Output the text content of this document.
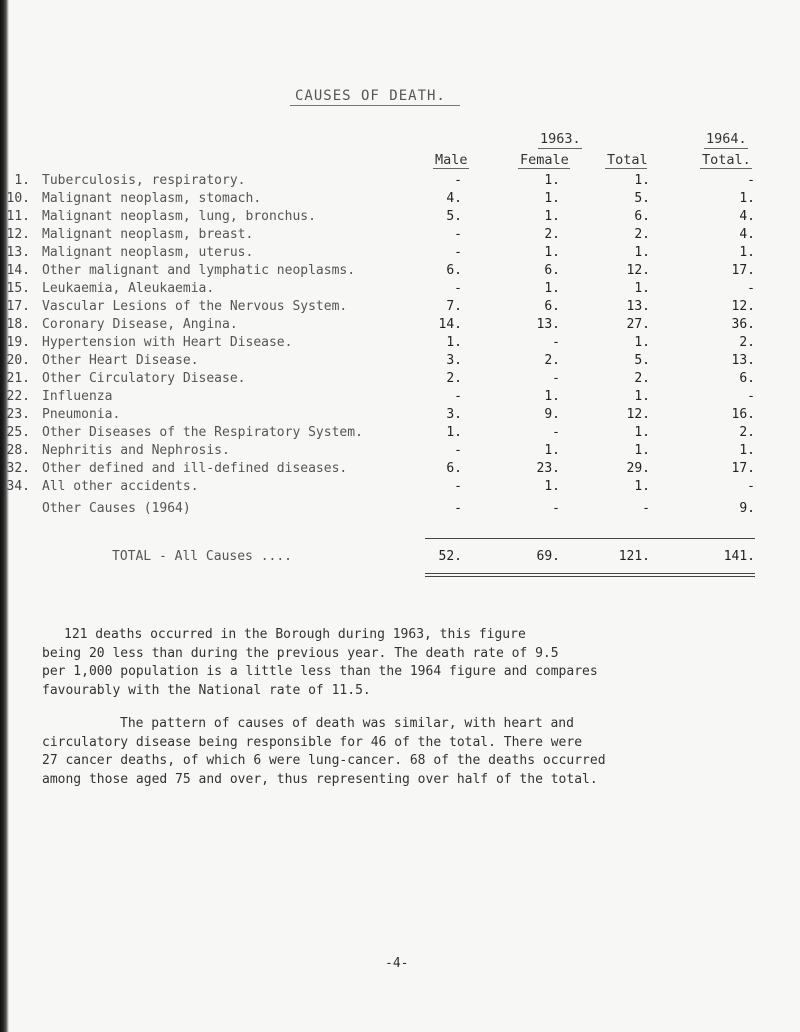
CAUSES OF DEATH.
1963.	1964.
Male	Female	Total	Total.
1. Tuberculosis, respiratory.	-	1.	1.	-
10. Malignant neoplasm, stomach.	4.	1.	5.	1.
11. Malignant neoplasm, lung, bronchus.	5.	1.	6.	4.
12. Malignant neoplasm, breast.	-	2.	2.	4.
13. Malignant neoplasm, uterus.	-	1.	1.	1.
14. Other malignant and lymphatic neoplasms.	6.	6.	12.	17.
15. Leukaemia, Aleukaemia.	-	1.	1.	-
17. Vascular Lesions of the Nervous System.	7.	6.	13.	12.
18. Coronary Disease, Angina.	14.	13.	27.	36.
19. Hypertension with Heart Disease.	1.	-	1.	2.
20. Other Heart Disease.	3.	2.	5.	13.
21. Other Circulatory Disease.	2.	-	2.	6.
22. Influenza	-	1.	1.	-
23. Pneumonia.	3.	9.	12.	16.
25. Other Diseases of the Respiratory System.	1.	-	1.	2.
28. Nephritis and Nephrosis.	-	1.	1.	1.
32. Other defined and ill-defined diseases.	6.	23.	29.	17.
34. All other accidents.	-	1.	1.	-
Other Causes (1964)	-	-	-	9.
TOTAL - All Causes ....	52.	69.	121.	141.

121 deaths occurred in the Borough during 1963, this figure
being 20 less than during the previous year. The death rate of 9.5
per 1,000 population is a little less than the 1964 figure and compares
favourably with the National rate of 11.5.

The pattern of causes of death was similar, with heart and
circulatory disease being responsible for 46 of the total. There were
27 cancer deaths, of which 6 were lung-cancer. 68 of the deaths occurred
among those aged 75 and over, thus representing over half of the total.

-4-
